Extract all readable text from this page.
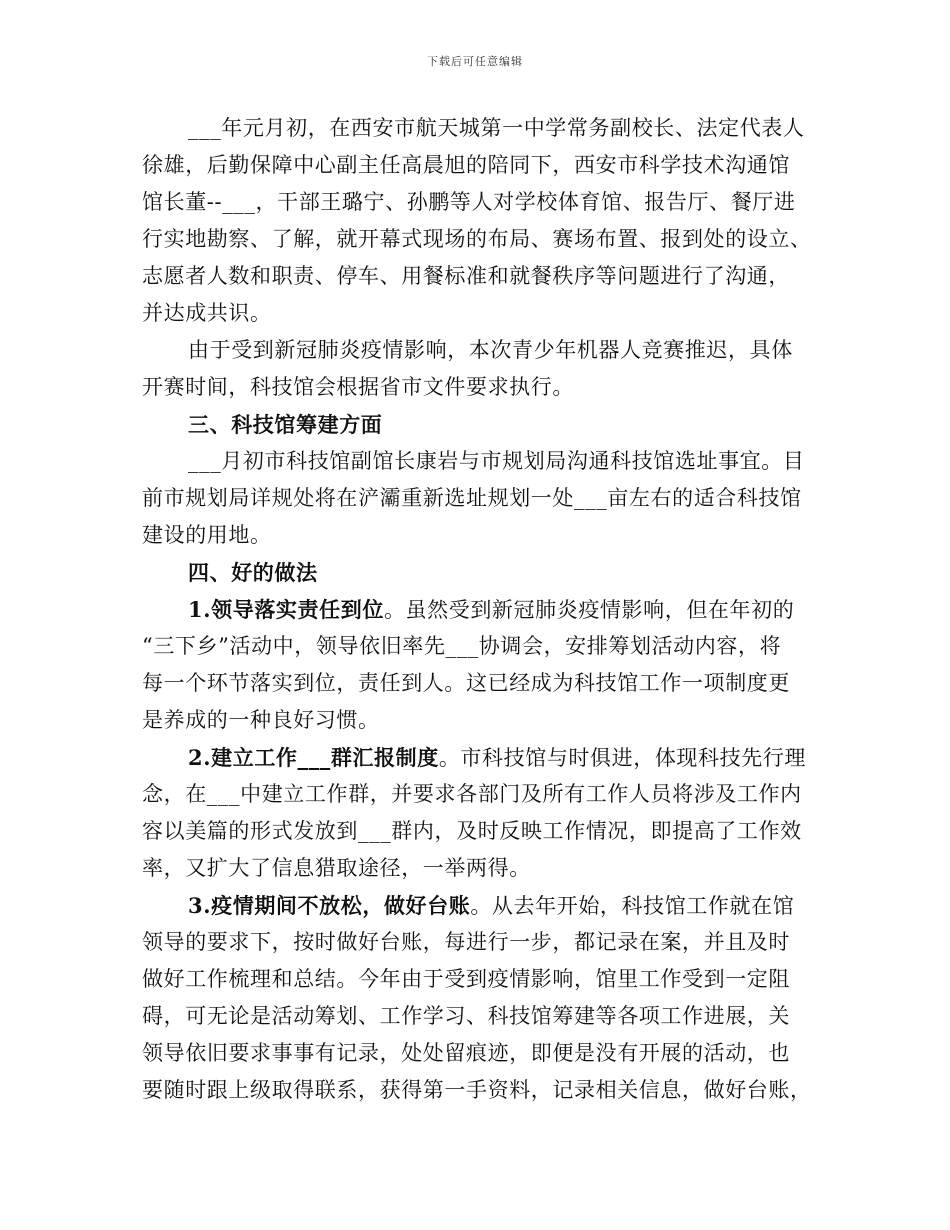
下载后可任意编辑
___年元月初，在西安市航天城第一中学常务副校长、法定代表人
徐雄，后勤保障中心副主任高晨旭的陪同下，西安市科学技术沟通馆
馆长董--___，干部王璐宁、孙鹏等人对学校体育馆、报告厅、餐厅进
行实地勘察、了解，就开幕式现场的布局、赛场布置、报到处的设立、
志愿者人数和职责、停车、用餐标准和就餐秩序等问题进行了沟通，
并达成共识。
由于受到新冠肺炎疫情影响，本次青少年机器人竞赛推迟，具体
开赛时间，科技馆会根据省市文件要求执行。
三、科技馆筹建方面
___月初市科技馆副馆长康岩与市规划局沟通科技馆选址事宜。目
前市规划局详规处将在浐灞重新选址规划一处___亩左右的适合科技馆
建设的用地。
四、好的做法
1.领导落实责任到位。虽然受到新冠肺炎疫情影响，但在年初的
“三下乡”活动中，领导依旧率先___协调会，安排筹划活动内容，将
每一个环节落实到位，责任到人。这已经成为科技馆工作一项制度更
是养成的一种良好习惯。
2.建立工作___群汇报制度。市科技馆与时俱进，体现科技先行理
念，在___中建立工作群，并要求各部门及所有工作人员将涉及工作内
容以美篇的形式发放到___群内，及时反映工作情况，即提高了工作效
率，又扩大了信息猎取途径，一举两得。
3.疫情期间不放松，做好台账。从去年开始，科技馆工作就在馆
领导的要求下，按时做好台账，每进行一步，都记录在案，并且及时
做好工作梳理和总结。今年由于受到疫情影响，馆里工作受到一定阻
碍，可无论是活动筹划、工作学习、科技馆筹建等各项工作进展，关
领导依旧要求事事有记录，处处留痕迹，即便是没有开展的活动，也
要随时跟上级取得联系，获得第一手资料，记录相关信息，做好台账，
